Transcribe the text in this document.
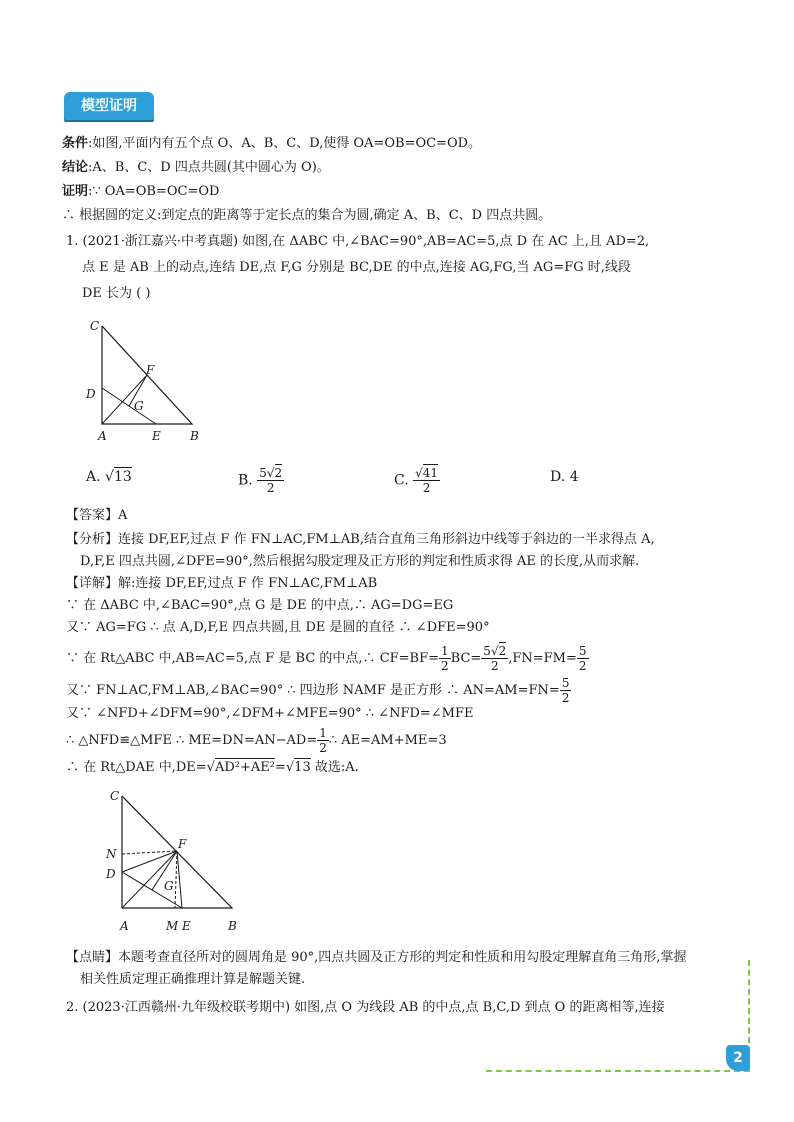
模型证明
条件:如图,平面内有五个点 O、A、B、C、D,使得 OA=OB=OC=OD。
结论:A、B、C、D 四点共圆(其中圆心为 O)。
证明:∵ OA=OB=OC=OD
∴ 根据圆的定义:到定点的距离等于定长点的集合为圆,确定 A、B、C、D 四点共圆。
1. (2021·浙江嘉兴·中考真题) 如图,在 ΔABC 中,∠BAC=90°,AB=AC=5,点 D 在 AC 上,且 AD=2,
点 E 是 AB 上的动点,连结 DE,点 F,G 分别是 BC,DE 的中点,连接 AG,FG,当 AG=FG 时,线段
DE 长为 ( )
C
D
F
G
A	E B
A. √13	B. $\frac{5√2}{2}$	C. $\frac{√41}{2}$	D. 4
【答案】A
【分析】连接 DF,EF,过点 F 作 FN⊥AC,FM⊥AB,结合直角三角形斜边中线等于斜边的一半求得点 A,
D,F,E 四点共圆,∠DFE=90°,然后根据勾股定理及正方形的判定和性质求得 AE 的长度,从而求解.
【详解】解:连接 DF,EF,过点 F 作 FN⊥AC,FM⊥AB
∵ 在 ΔABC 中,∠BAC=90°,点 G 是 DE 的中点,∴ AG=DG=EG
又∵ AG=FG ∴ 点 A,D,F,E 四点共圆,且 DE 是圆的直径 ∴ ∠DFE=90°
∵ 在 Rt△ABC 中,AB=AC=5,点 F 是 BC 的中点,∴ $CF=BF= \frac{1}{2} BC= \frac{5√2}{2} ,FN=FM= \frac{5}{2}$
又∵ FN⊥AC,FM⊥AB,∠BAC=90° ∴ 四边形 NAMF 是正方形 ∴ $AN=AM=FN= \frac{5}{2}$
又∵ ∠NFD+∠DFM=90°,∠DFM+∠MFE=90° ∴ ∠NFD=∠MFE
∴ △NFD≌△MFE ∴ $ME=DN=AN-AD= \frac{1}{2}$ ∴ AE=AM+ME=3
∴ 在 Rt△DAE 中,DE=√AD²+AE²=√13 故选:A.
C
N
D
F
G
A	M E	B
【点睛】本题考查直径所对的圆周角是 90°,四点共圆及正方形的判定和性质和用勾股定理解直角三角形,掌握
相关性质定理正确推理计算是解题关键.
2. (2023·江西赣州·九年级校联考期中) 如图,点 O 为线段 AB 的中点,点 B,C,D 到点 O 的距离相等,连接
2
